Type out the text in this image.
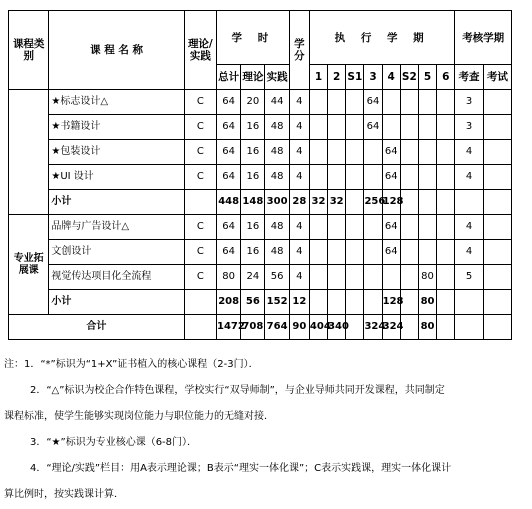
课程类别	课 程 名 称	理论/实践	学 时			学分	执 行 学 期								考核学期	
			总计	理论	实践		1	2	S1	3	4	S2	5	6	考查	考试
	★标志设计△	C	64	20	44	4				64					3	
	★书籍设计	C	64	16	48	4				64					3	
	★包装设计	C	64	16	48	4					64				4	
	★UI 设计	C	64	16	48	4					64				4	
	小计		448	148	300	28	32	32		256	128					
专业拓展课	品牌与广告设计△	C	64	16	48	4					64				4	
	文创设计	C	64	16	48	4					64				4	
	视觉传达项目化全流程	C	80	24	56	4							80		5	
	小计		208	56	152	12					128		80			
合计			1472	708	764	90	404	340		324	324		80			

注：1．“*”标识为“1+X”证书植入的核心课程（2-3门）．

2．“△”标识为校企合作特色课程，学校实行“双导师制”，与企业导师共同开发课程，共同制定

课程标准，使学生能够实现岗位能力与职位能力的无缝对接．

3．“★”标识为专业核心课（6-8门）．

4．“理论/实践”栏目：用A表示理论课；B表示“理实一体化课”；C表示实践课，理实一体化课计

算比例时，按实践课计算．
